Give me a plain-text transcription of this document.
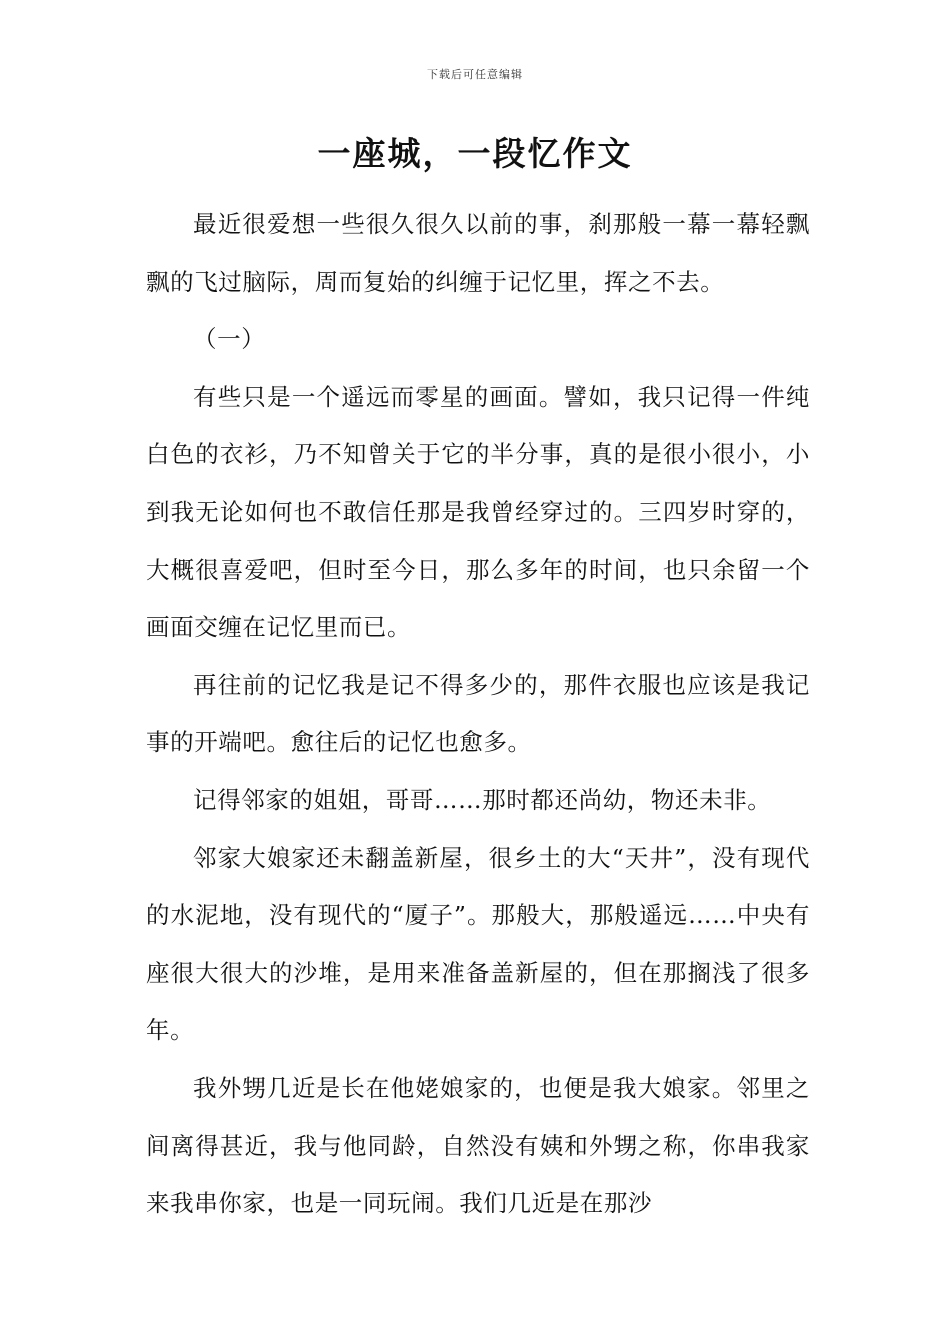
下载后可任意编辑
一座城，一段忆作文

最近很爱想一些很久很久以前的事，刹那般一幕一幕轻飘飘的飞过脑际，周而复始的纠缠于记忆里，挥之不去。

（一）

有些只是一个遥远而零星的画面。譬如，我只记得一件纯白色的衣衫，乃不知曾关于它的半分事，真的是很小很小，小到我无论如何也不敢信任那是我曾经穿过的。三四岁时穿的，大概很喜爱吧，但时至今日，那么多年的时间，也只余留一个画面交缠在记忆里而已。

再往前的记忆我是记不得多少的，那件衣服也应该是我记事的开端吧。愈往后的记忆也愈多。

记得邻家的姐姐，哥哥……那时都还尚幼，物还未非。

邻家大娘家还未翻盖新屋，很乡土的大“天井”，没有现代的水泥地，没有现代的“厦子”。那般大，那般遥远……中央有座很大很大的沙堆，是用来准备盖新屋的，但在那搁浅了很多年。

我外甥几近是长在他姥娘家的，也便是我大娘家。邻里之间离得甚近，我与他同龄，自然没有姨和外甥之称，你串我家来我串你家，也是一同玩闹。我们几近是在那沙
